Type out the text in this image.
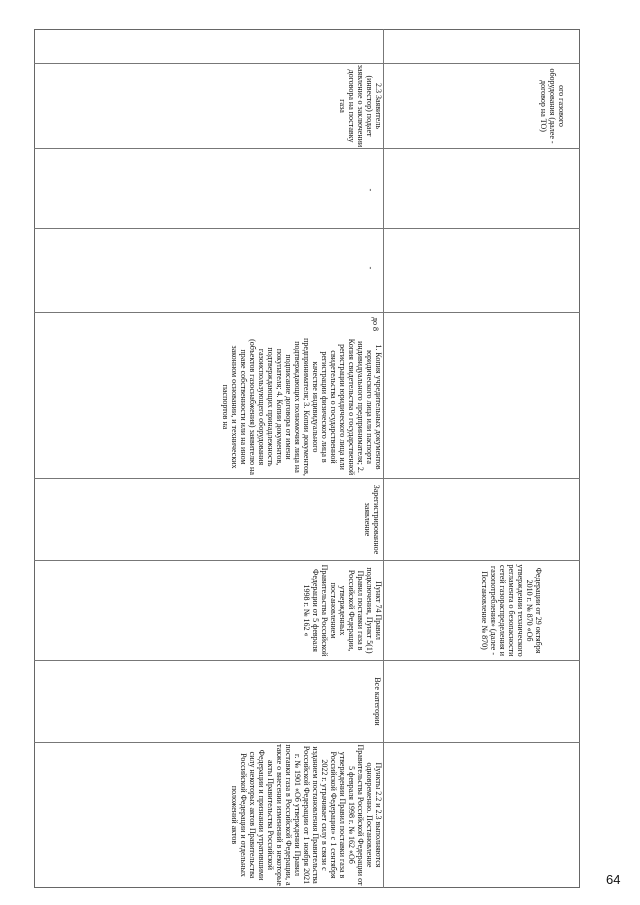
ого газового оборудования (далее - договор на ТО)
2.3 Заявитель (инвестор) подает заявление о заключении договора на поставку газа
-
-
до 8
1. Копия учредительных документов юридического лица или паспорта индивидуального предпринимателя; 2. Копия свидетельства о государственной регистрации юридического лица или свидетельства о государственной регистрации физического лица в качестве индивидуального предпринимателя; 3. Копии документов, подтверждающих полномочия лица на подписание договора от имени покупателя; 4. Копии документов, подтверждающих принадлежность газоиспользующего оборудования (объектов газоснабжения) заявителю на праве собственности или на ином законном основании, и технических паспортов на
Зарегистрированное заявление
Федерации от 29 октября 2010 г. № 870 «Об утверждении технического регламента о безопасности сетей газораспределения и газопотребления» (далее - Постановление № 870)
Пункт 74 Правил подключения, Пункт 5(1) Правил поставки газа в Российской Федерации, утвержденных постановлением Правительства Российской Федерации от 5 февраля 1998 г. № 162 «
Все категории
Пункты 2.2 и 2.3 выполняются одновременно. Постановление Правительства Российской Федерации от 5 февраля 1998 г. № 162 «Об утверждении Правил поставки газа в Российской Федерации» с 1 сентября 2022 г. утрачивает силу в связи с изданием постановления Правительства Российской Федерации от 1 ноября 2021 г. № 1901 «Об утверждении Правил поставки газа в Российской Федерации, а также о внесении изменений в некоторые акты Правительства Российской Федерации и признании утратившими силу некоторых актов Правительства Российской Федерации и отдельных положений актов
64
